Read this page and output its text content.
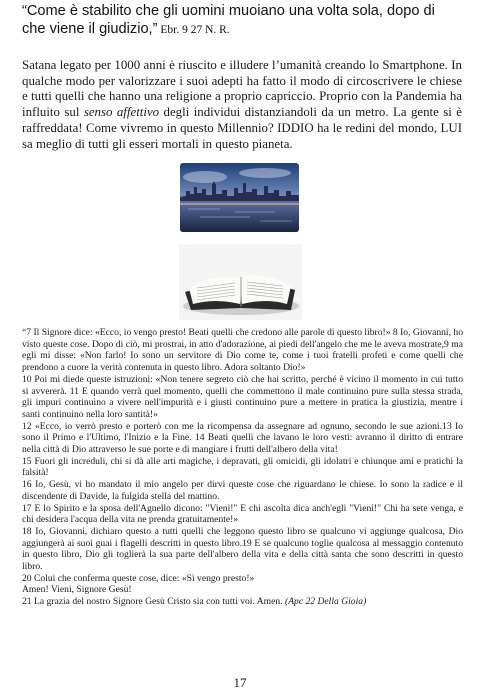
“Come è stabilito che gli uomini muoiano una volta sola, dopo di che viene il giudizio,” Ebr. 9 27 N. R.
Satana legato per 1000 anni è riuscito e illudere l’umanità creando lo Smartphone. In qualche modo per valorizzare i suoi adepti ha fatto il modo di circoscrivere le chiese e tutti quelli che hanno una religione a proprio capriccio. Proprio con la Pandemia ha influito sul senso affettivo degli individui distanziandoli da un metro. La gente si è raffreddata! Come vivremo in questo Millennio? IDDIO ha le redini del mondo, LUI sa meglio di tutti gli esseri mortali in questo pianeta.

“7 Il Signore dice: «Ecco, io vengo presto! Beati quelli che credono alle parole di questo libro!» 8 Io, Giovanni, ho visto queste cose. Dopo di ciò, mi prostrai, in atto d'adorazione, ai piedi dell'angelo che me le aveva mostrate,9 ma egli mi disse: «Non farlo! Io sono un servitore di Dio come te, come i tuoi fratelli profeti e come quelli che prendono a cuore la verità contenuta in questo libro. Adora soltanto Dio!»

10 Poi mi diede queste istruzioni: «Non tenere segreto ciò che hai scritto, perché è vicino il momento in cui tutto si avvererà. 11 E quando verrà quel momento, quelli che commettono il male continuino pure sulla stessa strada, gli impuri continuino a vivere nell'impurità e i giusti continuino pure a mettere in pratica la giustizia, mentre i santi continuino nella loro santità!»

12 «Ecco, io verrò presto e porterò con me la ricompensa da assegnare ad ognuno, secondo le sue azioni.13 Io sono il Primo e l'Ultimo, l'Inizio e la Fine. 14 Beati quelli che lavano le loro vesti: avranno il diritto di entrare nella città di Dio attraverso le sue porte e di mangiare i frutti dell'albero della vita!

15 Fuori gli increduli, chi si dà alle arti magiche, i depravati, gli omicidi, gli idolatri e chiunque ami e pratichi la falsità!

16 Io, Gesù, vi ho mandato il mio angelo per dirvi queste cose che riguardano le chiese. Io sono la radice e il discendente di Davide, la fulgida stella del mattino.

17 E lo Spirito e la sposa dell'Agnello dicono: "Vieni!" E chi ascolta dica anch'egli "Vieni!" Chi ha sete venga, e chi desidera l'acqua della vita ne prenda gratuitamente!»

18 Io, Giovanni, dichiaro questo a tutti quelli che leggono questo libro se qualcuno vi aggiunge qualcosa, Dio aggiungerà ai suoi guai i flagelli descritti in questo libro.19 E se qualcuno toglie qualcosa al messaggio contenuto in questo libro, Dio gli toglierà la sua parte dell'albero della vita e della città santa che sono descritti in questo libro.

20 Colui che conferma queste cose, dice: «Sì vengo presto!»

Amen! Vieni, Signore Gesù!

21 La grazia del nostro Signore Gesù Cristo sia con tutti voi. Amen. (Apc 22 Della Gioia)

17
